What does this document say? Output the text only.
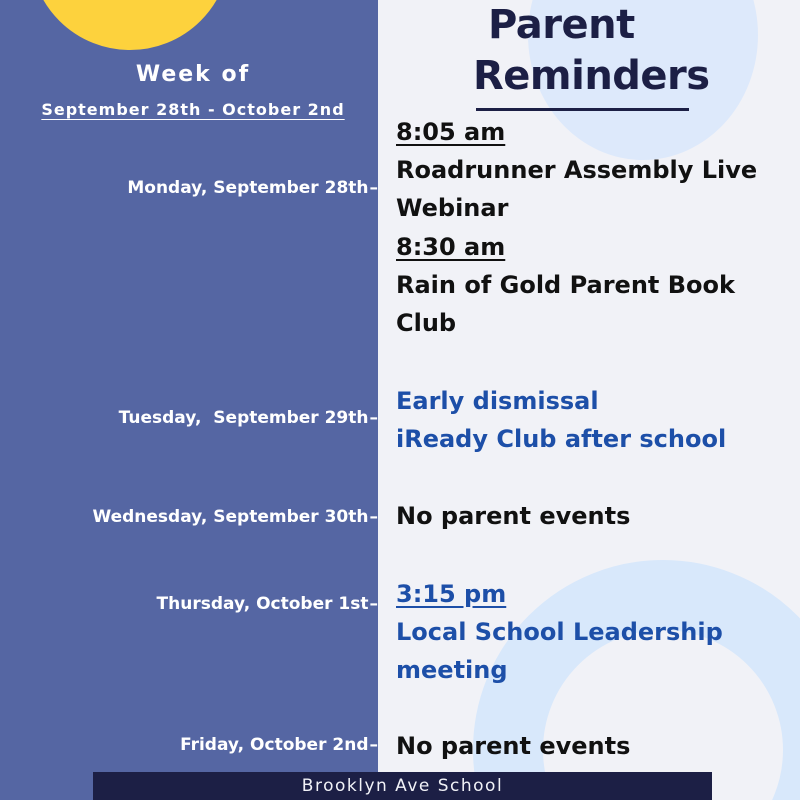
Week of
September 28th - October 2nd
Monday, September 28th –
Tuesday,  September 29th –
Wednesday, September 30th –
Thursday, October 1st –
Friday, October 2nd –
Parent
Reminders
8:05 am
Roadrunner Assembly Live
Webinar
8:30 am
Rain of Gold Parent Book
Club
Early dismissal
iReady Club after school
No parent events
3:15 pm
Local School Leadership
meeting
No parent events
Brooklyn Ave School
